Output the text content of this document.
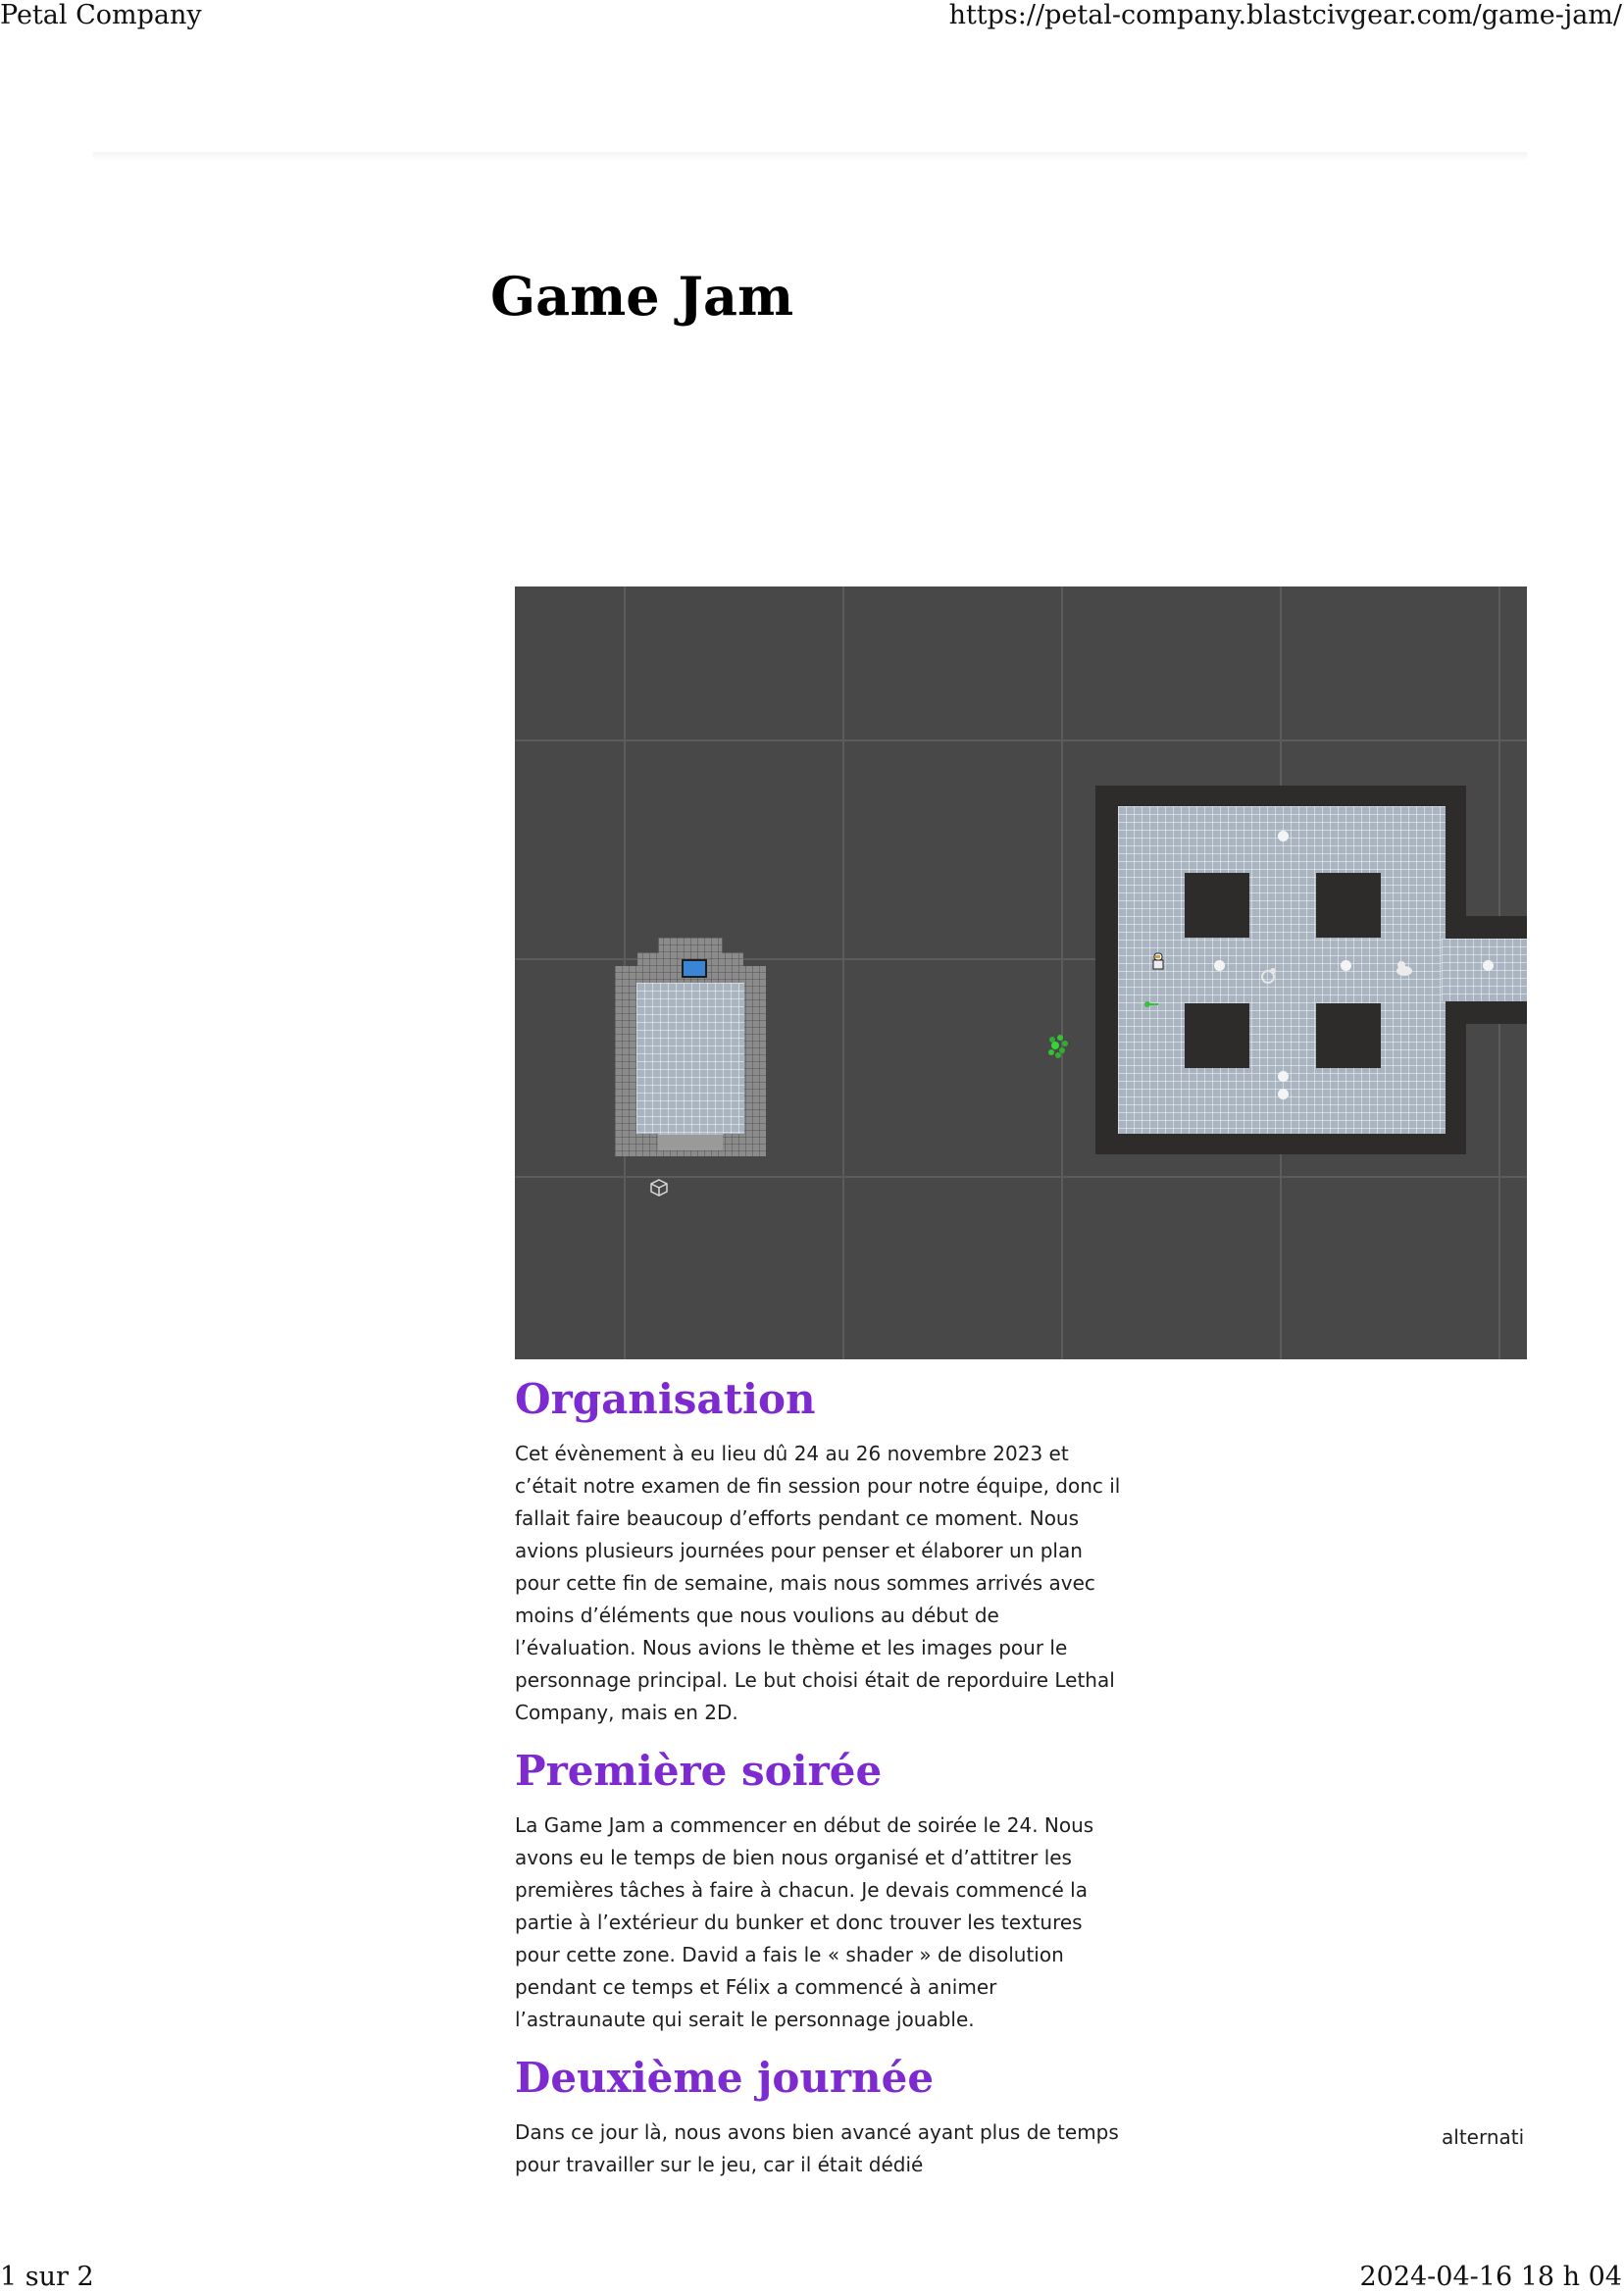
Petal Company	https://petal-company.blastcivgear.com/game-jam/
Game Jam
Organisation

Cet évènement à eu lieu dû 24 au 26 novembre 2023 et c’était notre examen de fin session pour notre équipe, donc il fallait faire beaucoup d’efforts pendant ce moment. Nous avions plusieurs journées pour penser et élaborer un plan pour cette fin de semaine, mais nous sommes arrivés avec moins d’éléments que nous voulions au début de l’évaluation. Nous avions le thème et les images pour le personnage principal. Le but choisi était de reporduire Lethal Company, mais en 2D.

Première soirée

La Game Jam a commencer en début de soirée le 24. Nous avons eu le temps de bien nous organisé et d’attitrer les premières tâches à faire à chacun. Je devais commencé la partie à l’extérieur du bunker et donc trouver les textures pour cette zone. David a fais le « shader » de disolution pendant ce temps et Félix a commencé à animer l’astraunaute qui serait le personnage jouable.

Deuxième journée

Dans ce jour là, nous avons bien avancé ayant plus de temps pour travailler sur le jeu, car il était dédié

alternati
1 sur 2	2024-04-16 18 h 04
